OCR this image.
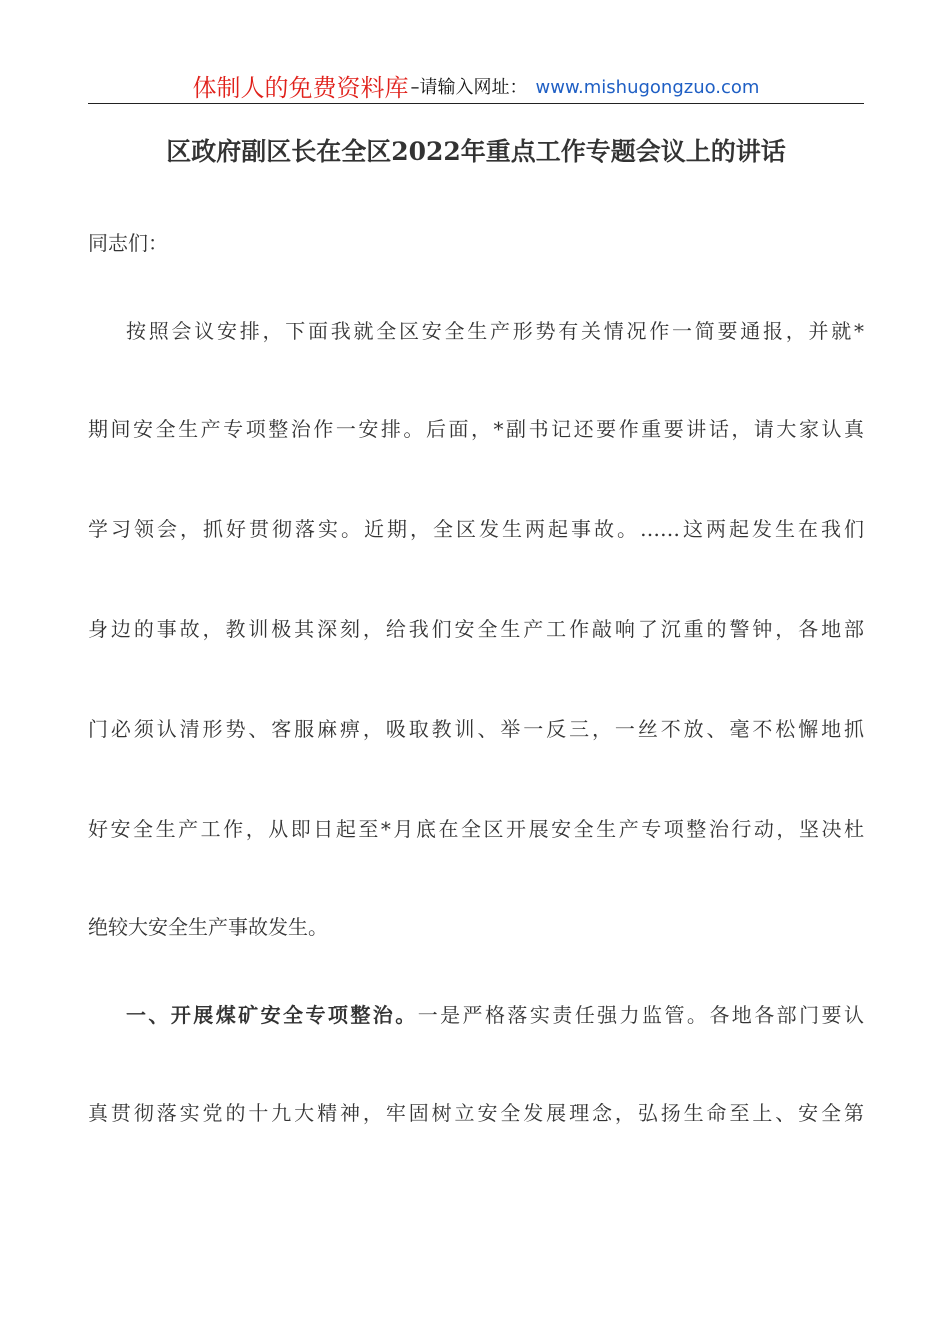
体制人的免费资料库 –请输入网址： www.mishugongzuo.com
区政府副区长在全区2022年重点工作专题会议上的讲话
同志们：
按照会议安排，下面我就全区安全生产形势有关情况作一简要通报，并就*
期间安全生产专项整治作一安排。后面，*副书记还要作重要讲话，请大家认真
学习领会，抓好贯彻落实。近期，全区发生两起事故。……这两起发生在我们
身边的事故，教训极其深刻，给我们安全生产工作敲响了沉重的警钟，各地部
门必须认清形势、客服麻痹，吸取教训、举一反三，一丝不放、毫不松懈地抓
好安全生产工作，从即日起至*月底在全区开展安全生产专项整治行动，坚决杜
绝较大安全生产事故发生。
一、开展煤矿安全专项整治。一是严格落实责任强力监管。各地各部门要认
真贯彻落实党的十九大精神，牢固树立安全发展理念，弘扬生命至上、安全第
